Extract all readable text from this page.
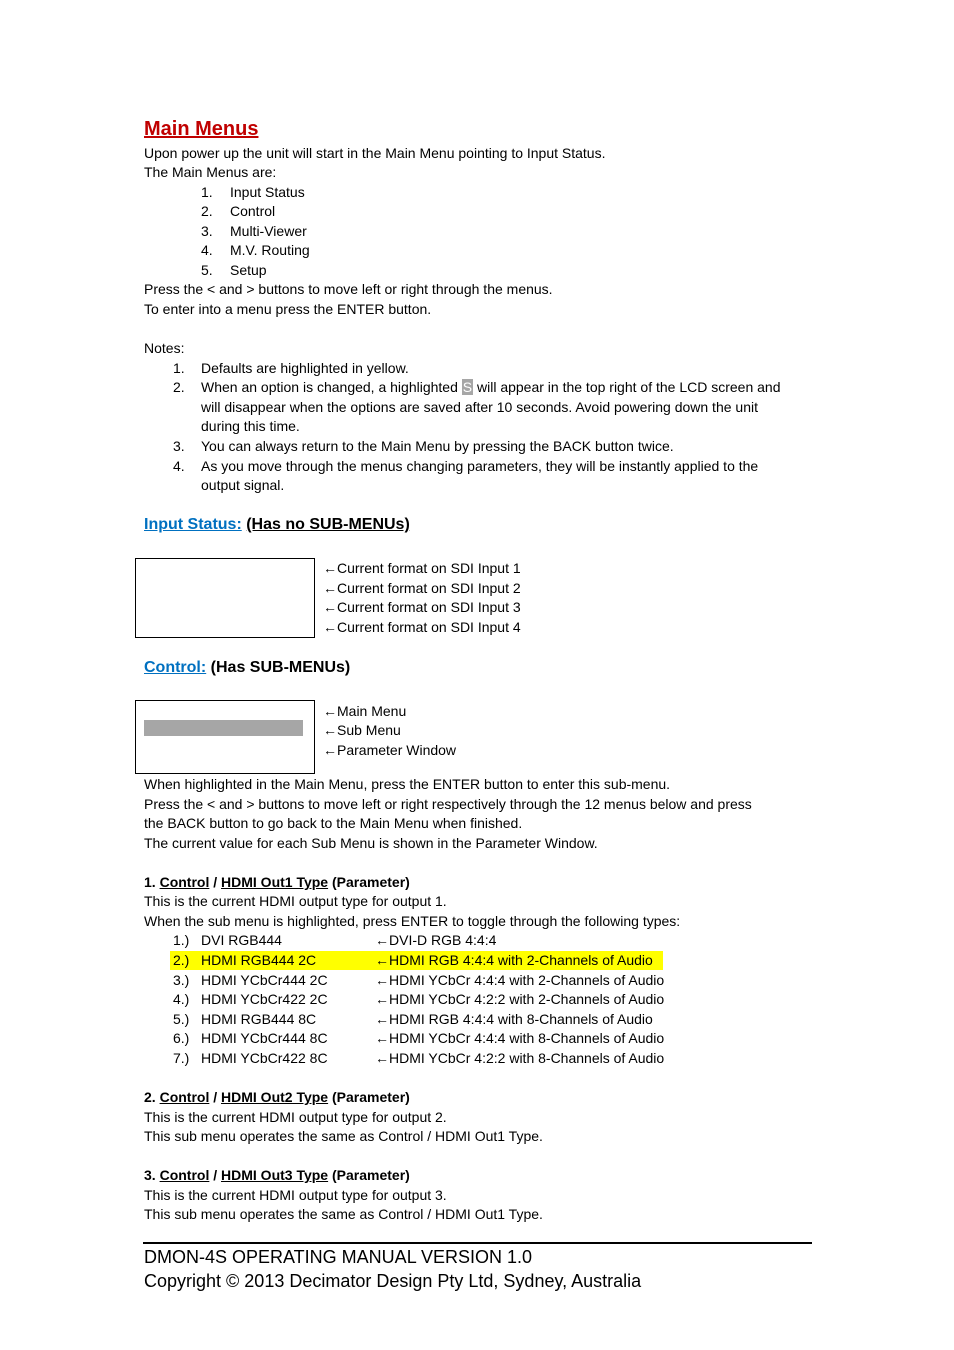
Main Menus
Upon power up the unit will start in the Main Menu pointing to Input Status.
The Main Menus are:
1. Input Status
2. Control
3. Multi-Viewer
4. M.V. Routing
5. Setup
Press the < and > buttons to move left or right through the menus.
To enter into a menu press the ENTER button.
Notes:
1. Defaults are highlighted in yellow.
2. When an option is changed, a highlighted S will appear in the top right of the LCD screen and
will disappear when the options are saved after 10 seconds. Avoid powering down the unit
during this time.
3. You can always return to the Main Menu by pressing the BACK button twice.
4. As you move through the menus changing parameters, they will be instantly applied to the
output signal.
Input Status: (Has no SUB-MENUs)
←Current format on SDI Input 1
←Current format on SDI Input 2
←Current format on SDI Input 3
←Current format on SDI Input 4
Control: (Has SUB-MENUs)
←Main Menu
←Sub Menu
←Parameter Window
When highlighted in the Main Menu, press the ENTER button to enter this sub-menu.
Press the < and > buttons to move left or right respectively through the 12 menus below and press
the BACK button to go back to the Main Menu when finished.
The current value for each Sub Menu is shown in the Parameter Window.
1. Control / HDMI Out1 Type (Parameter)
This is the current HDMI output type for output 1.
When the sub menu is highlighted, press ENTER to toggle through the following types:
1.) DVI RGB444	←DVI-D RGB 4:4:4
2.) HDMI RGB444 2C	←HDMI RGB 4:4:4 with 2-Channels of Audio
3.) HDMI YCbCr444 2C	←HDMI YCbCr 4:4:4 with 2-Channels of Audio
4.) HDMI YCbCr422 2C	←HDMI YCbCr 4:2:2 with 2-Channels of Audio
5.) HDMI RGB444 8C	←HDMI RGB 4:4:4 with 8-Channels of Audio
6.) HDMI YCbCr444 8C	←HDMI YCbCr 4:4:4 with 8-Channels of Audio
7.) HDMI YCbCr422 8C	←HDMI YCbCr 4:2:2 with 8-Channels of Audio
2. Control / HDMI Out2 Type (Parameter)
This is the current HDMI output type for output 2.
This sub menu operates the same as Control / HDMI Out1 Type.
3. Control / HDMI Out3 Type (Parameter)
This is the current HDMI output type for output 3.
This sub menu operates the same as Control / HDMI Out1 Type.
DMON-4S OPERATING MANUAL VERSION 1.0
Copyright © 2013 Decimator Design Pty Ltd, Sydney, Australia
